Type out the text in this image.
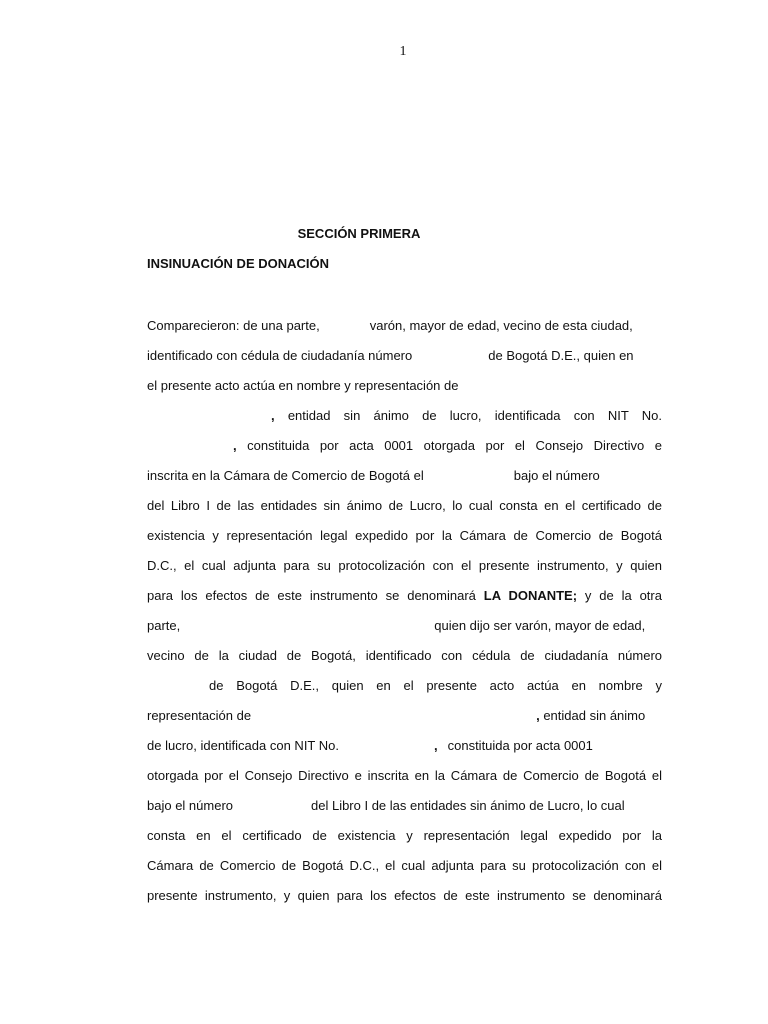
1
SECCIÓN PRIMERA
INSINUACIÓN DE DONACIÓN
Comparecieron: de una parte,	varón, mayor de edad, vecino de esta ciudad,
identificado con cédula de ciudadanía número	de Bogotá D.E., quien en
el presente acto actúa en nombre y representación de
, entidad sin ánimo de lucro, identificada con NIT No.
, constituida por acta 0001 otorgada por el Consejo Directivo e
inscrita en la Cámara de Comercio de Bogotá el	bajo el número
del Libro I de las entidades sin ánimo de Lucro, lo cual consta en el certificado de
existencia y representación legal expedido por la Cámara de Comercio de Bogotá
D.C., el cual adjunta para su protocolización con el presente instrumento, y quien
para los efectos de este instrumento se denominará LA DONANTE; y de la otra
parte,	quien dijo ser varón, mayor de edad,
vecino de la ciudad de Bogotá, identificado con cédula de ciudadanía número
de Bogotá D.E., quien en el presente acto actúa en nombre y
representación de	, entidad sin ánimo
de lucro, identificada con NIT No.	, constituida por acta 0001
otorgada por el Consejo Directivo e inscrita en la Cámara de Comercio de Bogotá el
bajo el número	del Libro I de las entidades sin ánimo de Lucro, lo cual
consta en el certificado de existencia y representación legal expedido por la
Cámara de Comercio de Bogotá D.C., el cual adjunta para su protocolización con el
presente instrumento, y quien para los efectos de este instrumento se denominará
